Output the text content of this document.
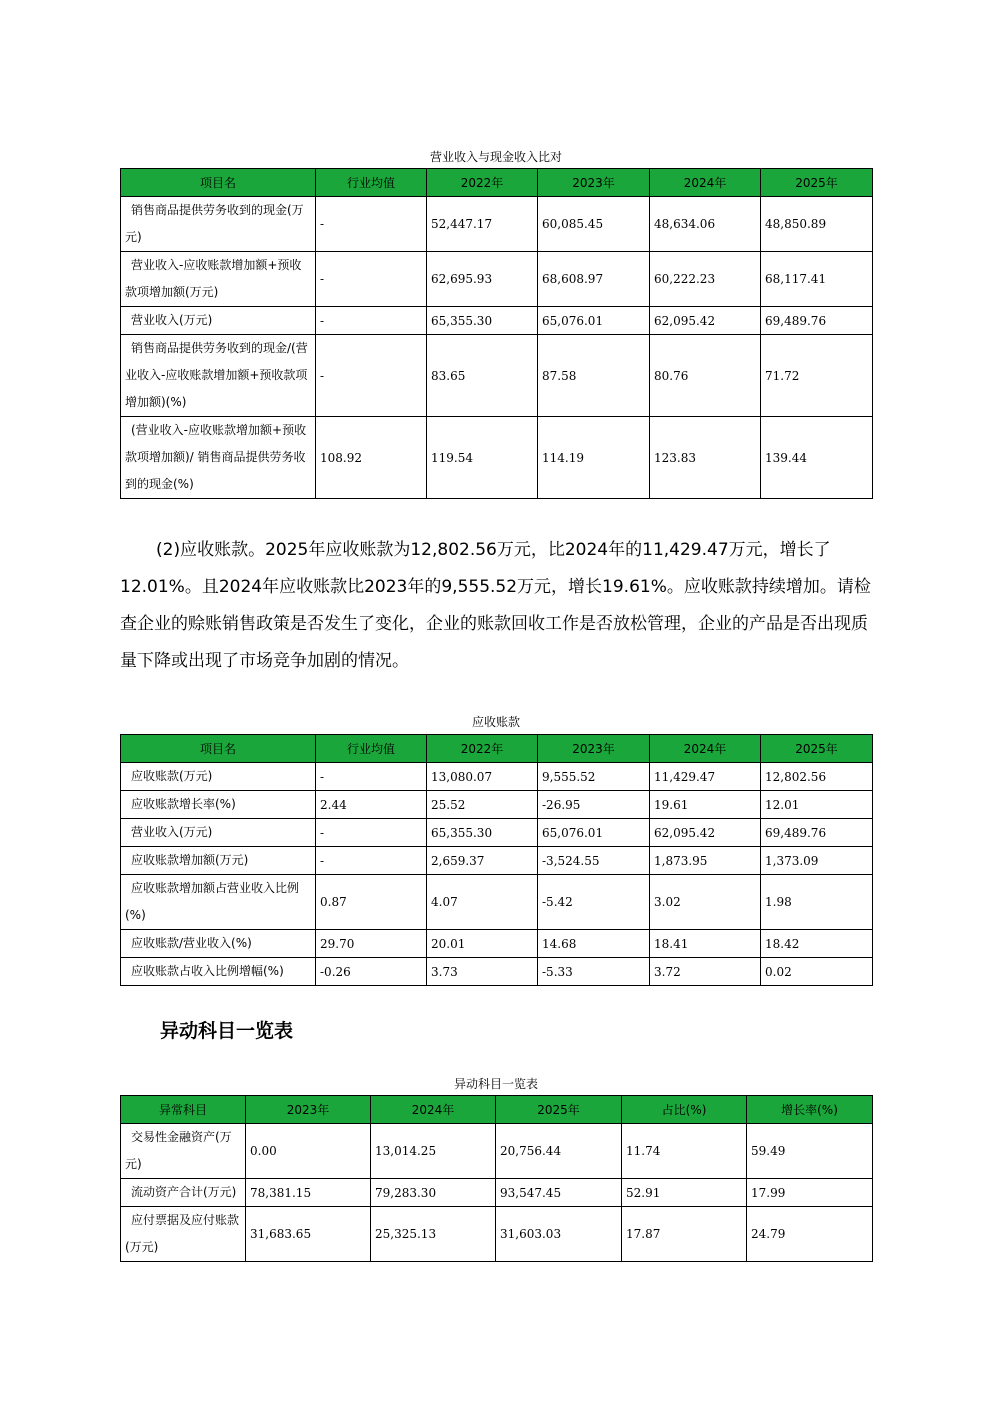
营业收入与现金收入比对
项目名	行业均值	2022年	2023年	2024年	2025年
销售商品提供劳务收到的现金(万元)	-	52,447.17	60,085.45	48,634.06	48,850.89
营业收入-应收账款增加额+预收款项增加额(万元)	-	62,695.93	68,608.97	60,222.23	68,117.41
营业收入(万元)	-	65,355.30	65,076.01	62,095.42	69,489.76
销售商品提供劳务收到的现金/(营业收入-应收账款增加额+预收款项增加额)(%)	-	83.65	87.58	80.76	71.72
(营业收入-应收账款增加额+预收款项增加额)/ 销售商品提供劳务收到的现金(%)	108.92	119.54	114.19	123.83	139.44

(2)应收账款。2025年应收账款为12,802.56万元，比2024年的11,429.47万元，增长了12.01%。且2024年应收账款比2023年的9,555.52万元，增长19.61%。应收账款持续增加。请检查企业的赊账销售政策是否发生了变化，企业的账款回收工作是否放松管理，企业的产品是否出现质量下降或出现了市场竞争加剧的情况。

应收账款
项目名	行业均值	2022年	2023年	2024年	2025年
应收账款(万元)	-	13,080.07	9,555.52	11,429.47	12,802.56
应收账款增长率(%)	2.44	25.52	-26.95	19.61	12.01
营业收入(万元)	-	65,355.30	65,076.01	62,095.42	69,489.76
应收账款增加额(万元)	-	2,659.37	-3,524.55	1,873.95	1,373.09
应收账款增加额占营业收入比例(%)	0.87	4.07	-5.42	3.02	1.98
应收账款/营业收入(%)	29.70	20.01	14.68	18.41	18.42
应收账款占收入比例增幅(%)	-0.26	3.73	-5.33	3.72	0.02
异动科目一览表
异动科目一览表
异常科目	2023年	2024年	2025年	占比(%)	增长率(%)
交易性金融资产(万元)	0.00	13,014.25	20,756.44	11.74	59.49
流动资产合计(万元)	78,381.15	79,283.30	93,547.45	52.91	17.99
应付票据及应付账款(万元)	31,683.65	25,325.13	31,603.03	17.87	24.79
